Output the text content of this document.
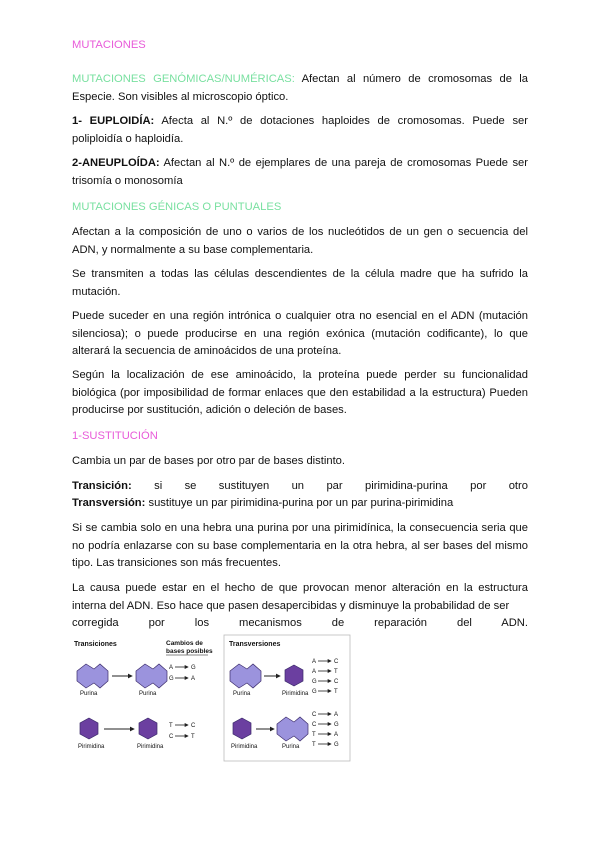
MUTACIONES
MUTACIONES GENÓMICAS/NUMÉRICAS: Afectan al número de cromosomas de la Especie. Son visibles al microscopio óptico.
1- EUPLOIDÍA: Afecta al N.º de dotaciones haploides de cromosomas. Puede ser poliploidía o haploidía.
2-ANEUPLOÍDA: Afectan al N.º de ejemplares de una pareja de cromosomas Puede ser trisomía o monosomía
MUTACIONES GÉNICAS O PUNTUALES
Afectan a la composición de uno o varios de los nucleótidos de un gen o secuencia del ADN, y normalmente a su base complementaria.
Se transmiten a todas las células descendientes de la célula madre que ha sufrido la mutación.
Puede suceder en una región intrónica o cualquier otra no esencial en el ADN (mutación silenciosa); o puede producirse en una región exónica (mutación codificante), lo que alterará la secuencia de aminoácidos de una proteína.
Según la localización de ese aminoácido, la proteína puede perder su funcionalidad biológica (por imposibilidad de formar enlaces que den estabilidad a la estructura) Pueden producirse por sustitución, adición o deleción de bases.
1-SUSTITUCIÓN
Cambia un par de bases por otro par de bases distinto.
Transición: si se sustituyen un par pirimidina-purina por otro
Transversión: sustituye un par pirimidina-purina por un par purina-pirimidina
Si se cambia solo en una hebra una purina por una pirimidínica, la consecuencia seria que no podría enlazarse con su base complementaria en la otra hebra, al ser bases del mismo tipo. Las transiciones son más frecuentes.
La causa puede estar en el hecho de que provocan menor alteración en la estructura interna del ADN. Eso hace que pasen desapercibidas y disminuye la probabilidad de ser
corregida por los mecanismos de reparación del ADN.
Transiciones	Cambios de
bases posibles
Purina	Purina
A	G
G	A
Pirimidina	Pirimidina
T	C
C	T
Transversiones
Purina	Pirimidina
A	C
A	T
G	C
G	T
Pirimidina	Purina
C	A
C	G
T	A
T	G
